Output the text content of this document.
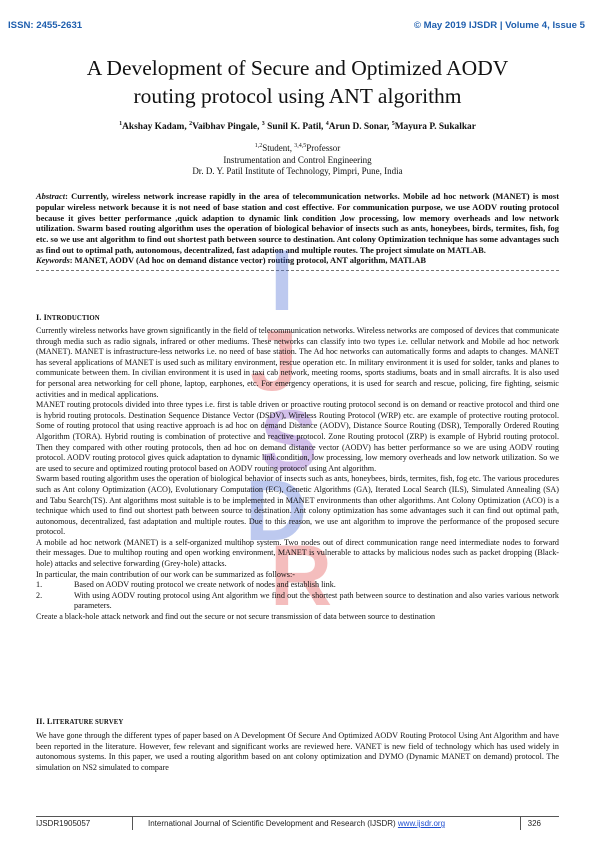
ISSN: 2455-2631	© May 2019 IJSDR | Volume 4, Issue 5
A Development of Secure and Optimized AODV
routing protocol using ANT algorithm
$^1$Akshay Kadam, $^2$Vaibhav Pingale, $^3$ Sunil K. Patil, $^4$Arun D. Sonar, $^5$Mayura P. Sukalkar
$^{1,2}$Student, $^{3,4,5}$Professor
Instrumentation and Control Engineering
Dr. D. Y. Patil Institute of Technology, Pimpri, Pune, India
Abstract: Currently, wireless network increase rapidly in the area of telecommunication networks. Mobile ad hoc network (MANET) is most popular wireless network because it is not need of base station and cost effective. For communication purpose, we use AODV routing protocol because it gives better performance ,quick adaption to dynamic link condition ,low processing, low memory overheads and low network utilization. Swarm based routing algorithm uses the operation of biological behavior of insects such as ants, honeybees, birds, termites, fish, fog etc. so we use ant algorithm to find out shortest path between source to destination. Ant colony Optimization technique has some advantages such as find out to optimal path, autonomous, decentralized, fast adaption and multiple routes. The project simulate on MATLAB.
Keywords: MANET, AODV (Ad hoc on demand distance vector) routing protocol, ANT algorithm, MATLAB
I
J
S
D
R
I. INTRODUCTION

Currently wireless networks have grown significantly in the field of telecommunication networks. Wireless networks are composed of devices that communicate through media such as radio signals, infrared or other mediums. These networks can classify into two types i.e. cellular network and Mobile ad hoc network (MANET). MANET is infrastructure-less networks i.e. no need of base station. The Ad hoc networks can automatically forms and adapts to changes. MANET has several applications of MANET is used such as military environment, rescue operation etc. In military environment it is used for solder, tanks and planes to communicate between them. In civilian environment it is used in taxi cab network, meeting rooms, sports stadiums, boats and in small aircrafts. It is also used for personal area networking for cell phone, laptop, earphones, etc. For emergency operations, it is used for search and rescue, policing, fire fighting, seismic activities and in medical applications.

MANET routing protocols divided into three types i.e. first is table driven or proactive routing protocol second is on demand or reactive protocol and third one is hybrid routing protocols. Destination Sequence Distance Vector (DSDV), Wireless Routing Protocol (WRP) etc. are example of protective routing protocol. Some of routing protocol that using reactive approach is ad hoc on demand Distance (AODV), Distance Source Routing (DSR), Temporally Ordered Routing Algorithm (TORA). Hybrid routing is combination of protective and reactive protocol. Zone Routing protocol (ZRP) is example of Hybrid routing protocol. Then they compared with other routing protocols, then ad hoc on demand distance vector (AODV) has better performance so we are using AODV routing protocol. AODV routing protocol gives quick adaptation to dynamic link condition, low processing, low memory overheads and low network utilization. So we are used to secure and optimized routing protocol based on AODV routing protocol using Ant algorithm.

Swarm based routing algorithm uses the operation of biological behavior of insects such as ants, honeybees, birds, termites, fish, fog etc. The various procedures such as Ant colony Optimization (ACO), Evolutionary Computation (EC), Genetic Algorithms (GA), Iterated Local Search (ILS), Simulated Annealing (SA) and Tabu Search(TS). Ant algorithms most suitable is to be implemented in MANET environments than other algorithms. Ant Colony Optimization (ACO) is a technique which used to find out shortest path between source to destination. Ant colony optimization has some advantages such it can find out optimal path, autonomous, decentralized, fast adaptation and multiple routes. Due to this reason, we use ant algorithm to improve the performance of the proposed secure protocol.

A mobile ad hoc network (MANET) is a self-organized multihop system. Two nodes out of direct communication range need intermediate nodes to forward their messages. Due to multihop routing and open working environment, MANET is vulnerable to attacks by malicious nodes such as packet dropping (Black-hole) attacks and selective forwarding (Grey-hole) attacks.

In particular, the main contribution of our work can be summarized as follows:-

1.	Based on AODV routing protocol we create network of nodes and establish link.
2.	With using AODV routing protocol using Ant algorithm we find out the shortest path between source to destination and also varies various network parameters.

Create a black-hole attack network and find out the secure or not secure transmission of data between source to destination

II. LITERATURE SURVEY

We have gone through the different types of paper based on A Development Of Secure And Optimized AODV Routing Protocol Using Ant Algorithm and have been reported in the literature. However, few relevant and significant works are reviewed here. VANET is new field of technology which has used widely in autonomous systems. In this paper, we used a routing algorithm based on ant colony optimization and DYMO (Dynamic MANET on demand) protocol. The simulation on NS2 simulated to compare

IJSDR1905057	International Journal of Scientific Development and Research (IJSDR) www.ijsdr.org	326
